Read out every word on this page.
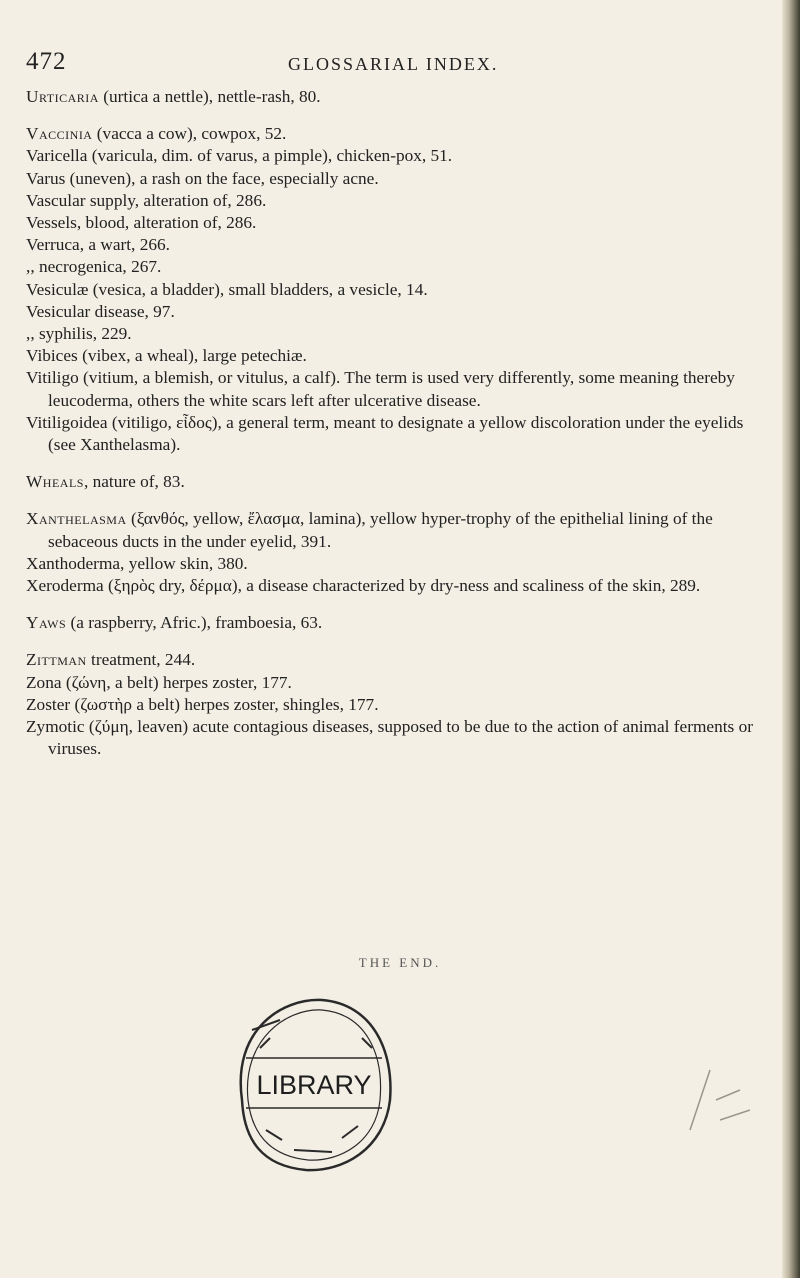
472	GLOSSARIAL INDEX.

Urticaria (urtica a nettle), nettle-rash, 80.

Vaccinia (vacca a cow), cowpox, 52.

Varicella (varicula, dim. of varus, a pimple), chicken-pox, 51.

Varus (uneven), a rash on the face, especially acne.

Vascular supply, alteration of, 286.

Vessels, blood, alteration of, 286.

Verruca, a wart, 266.

,, necrogenica, 267.

Vesiculæ (vesica, a bladder), small bladders, a vesicle, 14.

Vesicular disease, 97.

,, syphilis, 229.

Vibices (vibex, a wheal), large petechiæ.

Vitiligo (vitium, a blemish, or vitulus, a calf). The term is used very differently, some meaning thereby leucoderma, others the white scars left after ulcerative disease.

Vitiligoidea (vitiligo, εἶδος), a general term, meant to designate a yellow discoloration under the eyelids (see Xanthelasma).

Wheals, nature of, 83.

Xanthelasma (ξανθός, yellow, ἔλασμα, lamina), yellow hyper-trophy of the epithelial lining of the sebaceous ducts in the under eyelid, 391.

Xanthoderma, yellow skin, 380.

Xeroderma (ξηρὸς dry, δέρμα), a disease characterized by dry-ness and scaliness of the skin, 289.

Yaws (a raspberry, Afric.), framboesia, 63.

Zittman treatment, 244.

Zona (ζώνη, a belt) herpes zoster, 177.

Zoster (ζωστὴρ a belt) herpes zoster, shingles, 177.

Zymotic (ζύμη, leaven) acute contagious diseases, supposed to be due to the action of animal ferments or viruses.

THE END.
LIBRARY
